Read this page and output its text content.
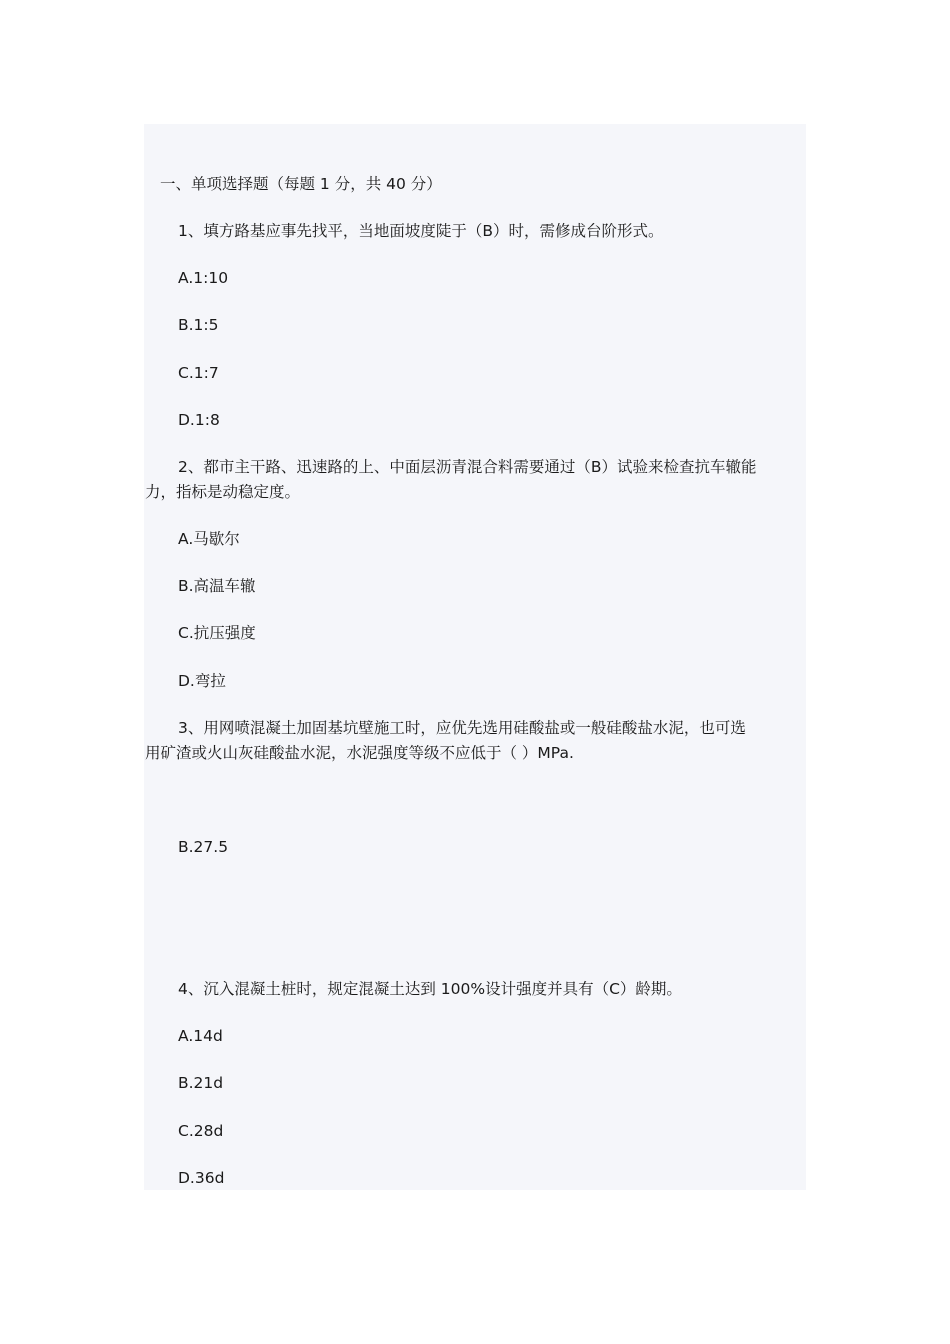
一、单项选择题（每题 1 分，共 40 分）
1、填方路基应事先找平，当地面坡度陡于（B）时，需修成台阶形式。
A.1:10
B.1:5
C.1:7
D.1:8
2、都市主干路、迅速路的上、中面层沥青混合料需要通过（B）试验来检查抗车辙能
力，指标是动稳定度。
A.马歇尔
B.高温车辙
C.抗压强度
D.弯拉
3、用网喷混凝土加固基坑壁施工时，应优先选用硅酸盐或一般硅酸盐水泥，也可选
用矿渣或火山灰硅酸盐水泥，水泥强度等级不应低于（ ）MPa.
B.27.5
4、沉入混凝土桩时，规定混凝土达到 100%设计强度并具有（C）龄期。
A.14d
B.21d
C.28d
D.36d
